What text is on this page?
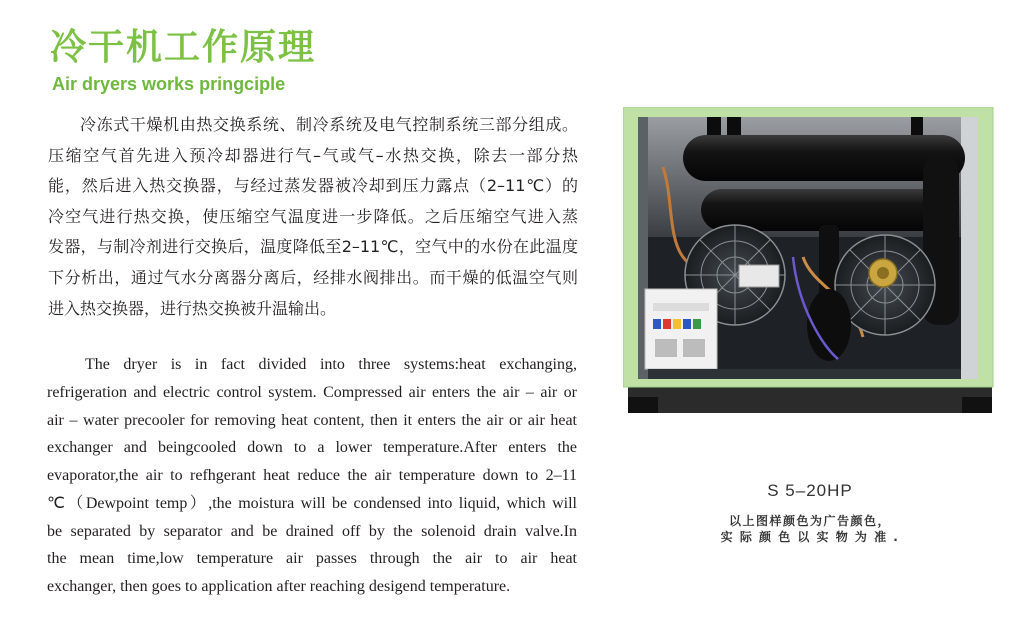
冷干机工作原理
Air dryers works pringciple
冷冻式干燥机由热交换系统、制冷系统及电气控制系统三部分组成。
压缩空气首先进入预冷却器进行气–气或气–水热交换，除去一部分热
能，然后进入热交换器，与经过蒸发器被冷却到压力露点（2–11℃）的
冷空气进行热交换，使压缩空气温度进一步降低。之后压缩空气进入蒸
发器，与制冷剂进行交换后，温度降低至2–11℃，空气中的水份在此温度
下分析出，通过气水分离器分离后，经排水阀排出。而干燥的低温空气则
进入热交换器，进行热交换被升温输出。
The dryer is in fact divided into three systems:heat exchanging,
refrigeration and electric control system. Compressed air enters the air – air or
air – water precooler for removing heat content, then it enters the air or air heat
exchanger and beingcooled down to a lower temperature.After enters the
evaporator,the air to refhgerant heat reduce the air temperature down to 2–11
℃（Dewpoint temp）,the moistura will be condensed into liquid, which will
be separated by separator and be drained off by the solenoid drain valve.In
the mean time,low temperature air passes through the air to air heat
exchanger, then goes to application after reaching desigend temperature.
S 5–20HP
以上图样颜色为广告颜色，
实 际 颜 色 以 实 物 为 准 .
